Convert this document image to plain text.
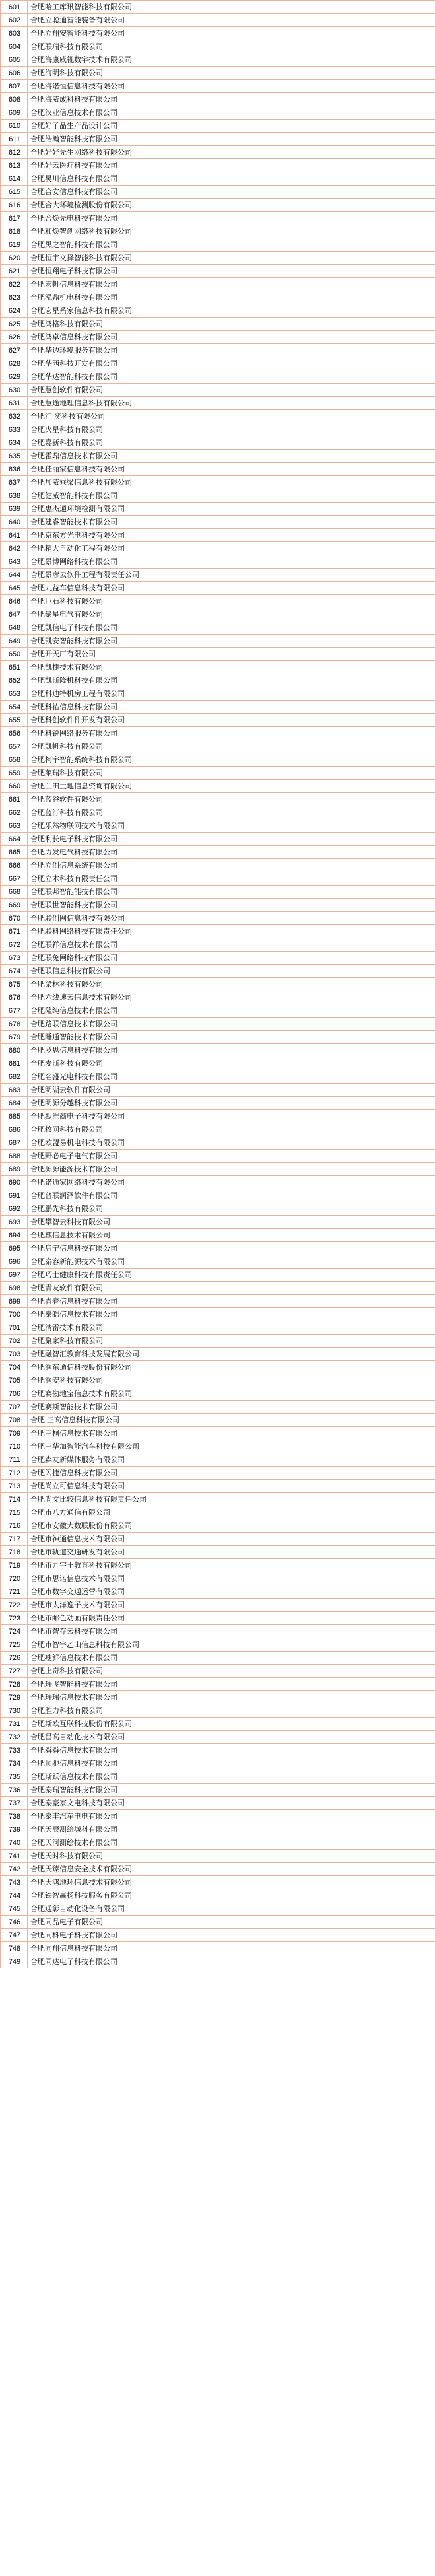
601	合肥哈工库讯智能科技有限公司
602	合肥立聪迪智能装备有限公司
603	合肥立翔安智能科技有限公司
604	合肥联瑞科技有限公司
605	合肥海康威视数字技术有限公司
606	合肥海明科技有限公司
607	合肥海诺恒信息科技有限公司
608	合肥海威成科科技有限公司
609	合肥汉业信息技术有限公司
610	合肥好子品生产品设计公司
611	合肥浩瀚智能科技有限公司
612	合肥好好先生网络科技有限公司
613	合肥好云医疗科技有限公司
614	合肥昊川信息科技有限公司
615	合肥合安信息科技有限公司
616	合肥合大环境检测股份有限公司
617	合肥合焕先电科技有限公司
618	合肥和焕智创网络科技有限公司
619	合肥黑之智能科技有限公司
620	合肥恒宇文择智能科技有限公司
621	合肥恒翔电子科技有限公司
622	合肥宏帆信息科技有限公司
623	合肥泓鼎机电科技有限公司
624	合肥宏星系家信息科技有限公司
625	合肥鸿格科技有限公司
626	合肥鸿卓信息科技有限公司
627	合肥华边环境服务有限公司
628	合肥华西科技开发有限公司
629	合肥华达智能科技有限公司
630	合肥慧创软件有限公司
631	合肥慧途地理信息科技有限公司
632	合肥汇 奕科技有限公司
633	合肥火星科技有限公司
634	合肥嘉新科技有限公司
635	合肥霍鼎信息技术有限公司
636	合肥佳丽家信息科技有限公司
637	合肥加威乘梁信息科技有限公司
638	合肥健威智能科技有限公司
639	合肥惠杰通环境检测有限公司
640	合肥建睿智能技术有限公司
641	合肥京东方光电科技有限公司
642	合肥精大自动化工程有限公司
643	合肥景博网络科技有限公司
644	合肥景彦云软件工程有限责任公司
645	合肥九益车信息科技有限公司
646	合肥巨石科技有限公司
647	合肥聚星电气有限公司
648	合肥凯信电子科技有限公司
649	合肥凯安智能科技有限公司
650	合肥开天厂有限公司
651	合肥凯捷技术有限公司
652	合肥凯斯隆机科技有限公司
653	合肥科迪特机房工程有限公司
654	合肥科祐信息科技有限公司
655	合肥科创软件件开发有限公司
656	合肥科锐网络服务有限公司
657	合肥凯帆科技有限公司
658	合肥柯宇智能系统科技有限公司
659	合肥莱瑞科技有限公司
660	合肥兰田土地信息资询有限公司
661	合肥蓝谷软件有限公司
662	合肥蓝汀科技有限公司
663	合肥乐然物联网技术有限公司
664	合肥利长电子科技有限公司
665	合肥力发电气科技有限公司
666	合肥立创信息系统有限公司
667	合肥立木科技有限责任公司
668	合肥联邦智能能技有限公司
669	合肥联世智能科技有限公司
670	合肥联创网信息科技有限公司
671	合肥联科网络科技有限责任公司
672	合肥联祥信息技术有限公司
673	合肥联兔网络科技有限公司
674	合肥联信息科技有限公司
675	合肥梁林科技有限公司
676	合肥六线速云信息技术有限公司
677	合肥隆纯信息技术有限公司
678	合肥路联信息技术有限公司
679	合肥睡通智能技术有限公司
680	合肥罗思信息科技有限公司
681	合肥麦斯科技有限公司
682	合肥名盛光电科技有限公司
683	合肥明湖云软件有限公司
684	合肥明源分越科技有限公司
685	合肥默准商电子科技有限公司
686	合肥牧网科技有限公司
687	合肥欧盟易机电科技有限公司
688	合肥野必电子电气有限公司
689	合肥源源能源技术有限公司
690	合肥诺通家网络科技有限公司
691	合肥普联润泽软件有限公司
692	合肥鹏先科技有限公司
693	合肥攀智云科技有限公司
694	合肥麒信息技术有限公司
695	合肥启宁信息科技有限公司
696	合肥泰容新能源技术有限公司
697	合肥巧士健康科技有限责任公司
698	合肥青友软件有限公司
699	合肥青春信息科技有限公司
700	合肥秦皓信息技术有限公司
701	合肥清雷技术有限公司
702	合肥聚家科技有限公司
703	合肥融智汇教育科技发展有限公司
704	合肥润东通信科技股份有限公司
705	合肥润安科技有限公司
706	合肥赛勘地宝信息技术有限公司
707	合肥赛斯智能技术有限公司
708	合肥 三高信息科技有限公司
709	合肥三桐信息技术有限公司
710	合肥三华加智能汽车科技有限公司
711	合肥森友新媒体服务有限公司
712	合肥闪捷信息科技有限公司
713	合肥尚立可信息科技有限公司
714	合肥尚文比较信息科技有限责任公司
715	合肥市八方通信有限公司
716	合肥市安徽大数联股份有限公司
717	合肥市神通信息技术有限公司
718	合肥市轨道交通研发有限公司
719	合肥市九宇王教育科技有限公司
720	合肥市思诺信息技术有限公司
721	合肥市数字交通运营有限公司
722	合肥市太洋逸子技术有限公司
723	合肥市邮色动画有限责任公司
724	合肥市智存云科技有限公司
725	合肥市智宇乙山信息科技有限公司
726	合肥瘦鲜信息技术有限公司
727	合肥上奇科技有限公司
728	合肥瑞飞智能科技有限公司
729	合肥瑞瑞信息技术有限公司
730	合肥胜力科技有限公司
731	合肥斯欧互联科技股份有限公司
732	合肥昌高自动化技术有限公司
733	合肥舜舜信息技术有限公司
734	合肥顺驰信息科技有限公司
735	合肥斯跃信息技术有限公司
736	合肥泰瑞智能科技有限公司
737	合肥泰豪家文电科技有限公司
738	合肥泰丰汽车电电有限公司
739	合肥天辰测绘城科有限公司
740	合肥天河测绘技术有限公司
741	合肥天时科技有限公司
742	合肥天臻信息安全技术有限公司
743	合肥天鸿地环信息技术有限公司
744	合肥铁智赢扬科技服务有限公司
745	合肥通彰自动化设备有限公司
746	合肥同品电子有限公司
747	合肥同科电子科技有限公司
748	合肥同翔信息科技有限公司
749	合肥同达电子科技有限公司
